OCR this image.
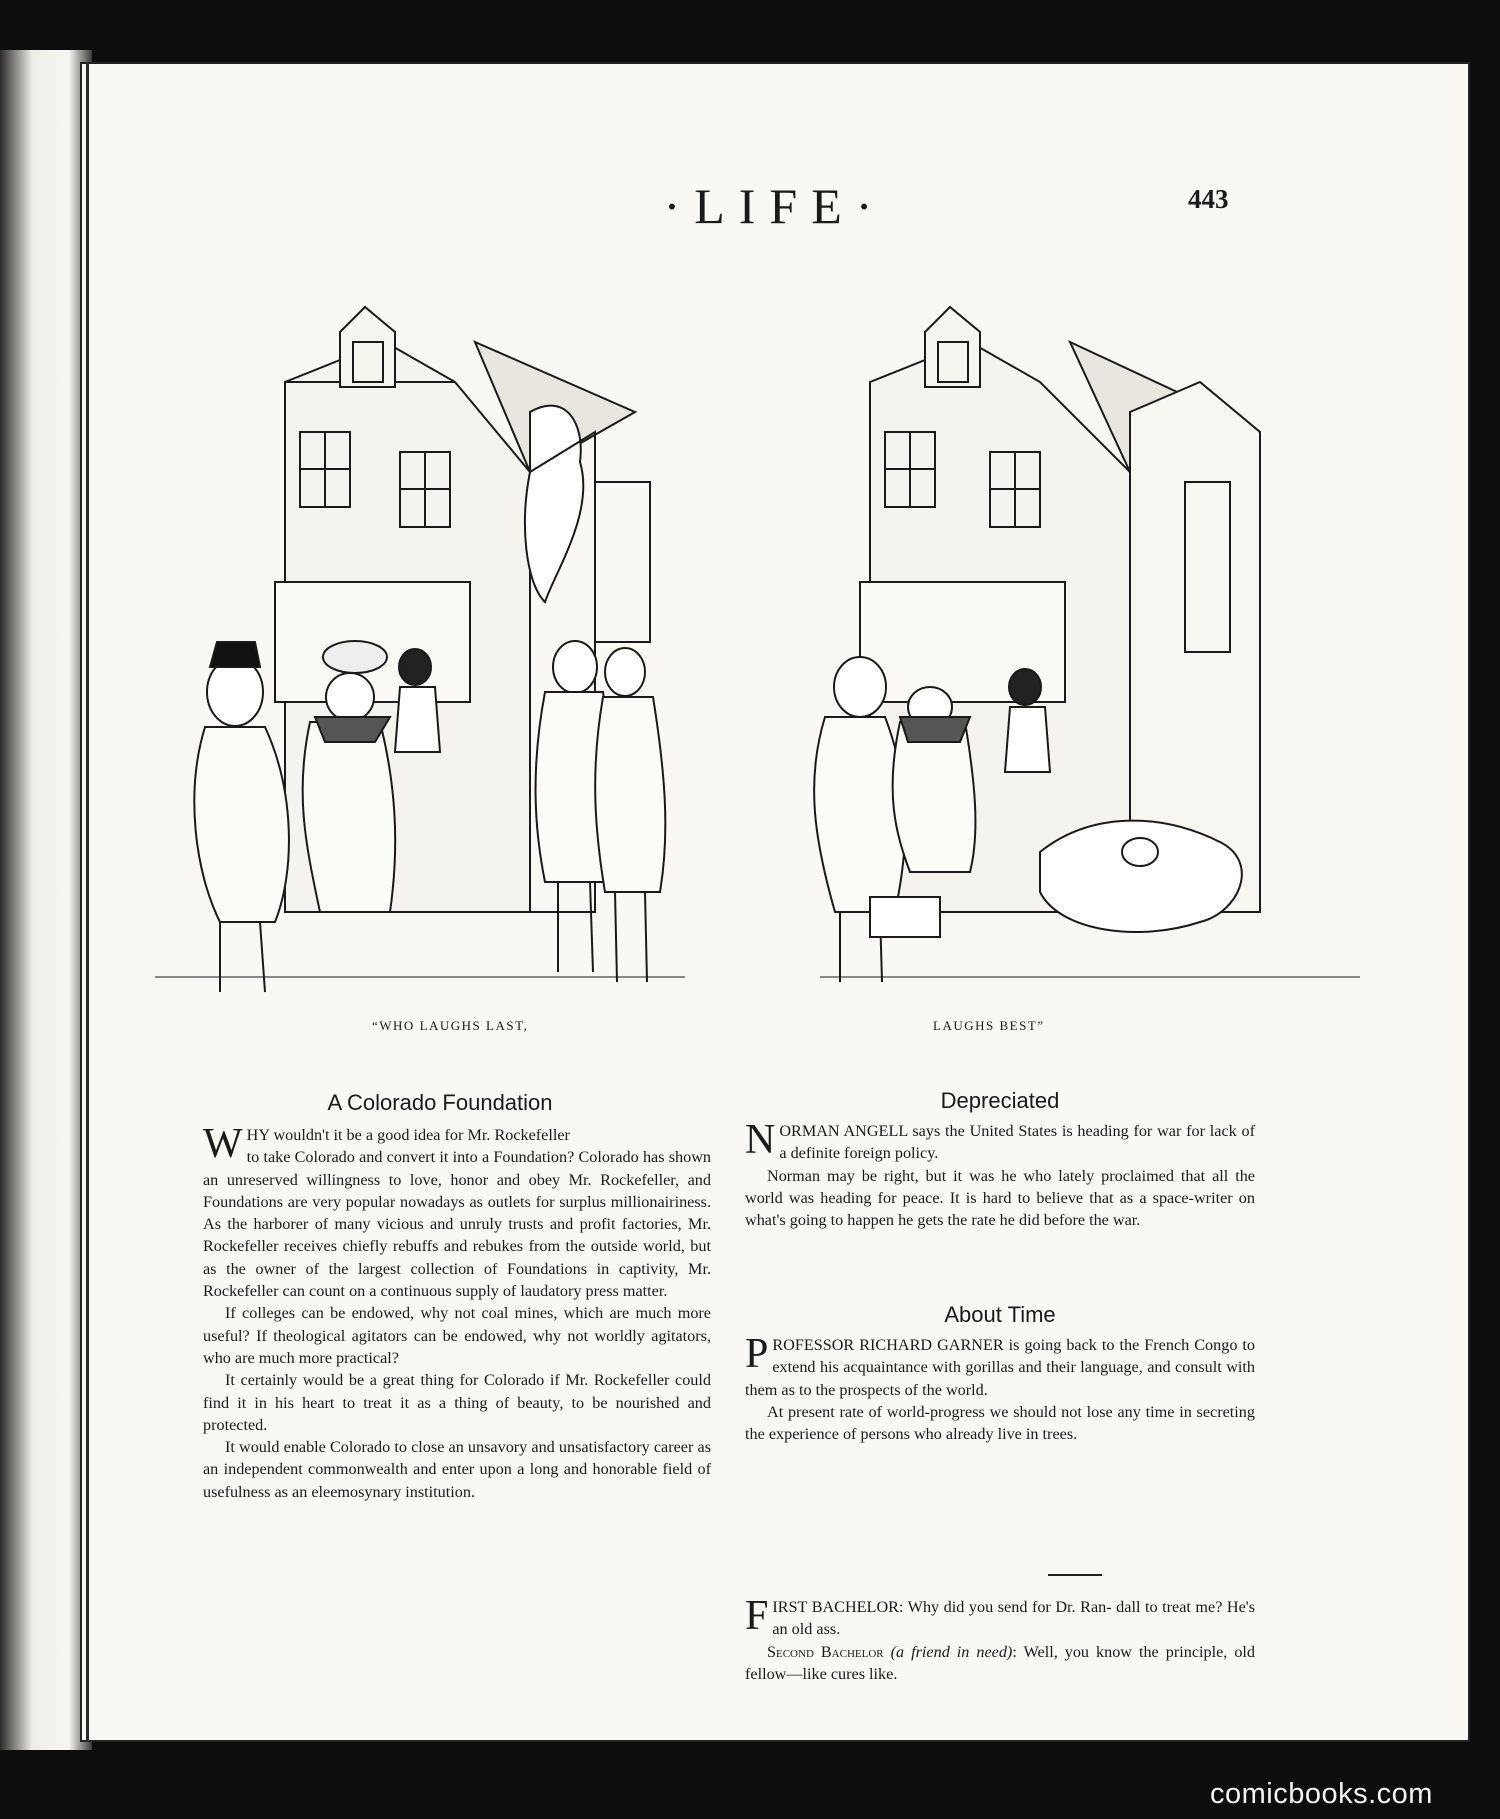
·LIFE·	443
“WHO LAUGHS LAST,	LAUGHS BEST”
A Colorado Foundation

WHY wouldn't it be a good idea for Mr. Rockefeller
to take Colorado and convert it into a Foundation? Colorado has shown an unreserved willingness to love, honor and obey Mr. Rockefeller, and Foundations are very popular nowadays as outlets for surplus millionairiness. As the harborer of many vicious and unruly trusts and profit factories, Mr. Rockefeller receives chiefly rebuffs and rebukes from the outside world, but as the owner of the largest collection of Foundations in captivity, Mr. Rockefeller can count on a continuous supply of laudatory press matter.

If colleges can be endowed, why not coal mines, which are much more useful? If theological agitators can be endowed, why not worldly agitators, who are much more practical?

It certainly would be a great thing for Colorado if Mr. Rockefeller could find it in his heart to treat it as a thing of beauty, to be nourished and protected.

It would enable Colorado to close an unsavory and unsatisfactory career as an independent commonwealth and enter upon a long and honorable field of usefulness as an eleemosynary institution.

Depreciated

NORMAN ANGELL says the United States is heading for war for lack of a definite foreign policy.

Norman may be right, but it was he who lately proclaimed that all the world was heading for peace. It is hard to believe that as a space-writer on what's going to happen he gets the rate he did before the war.

About Time

PROFESSOR RICHARD GARNER is going back to the French Congo to extend his acquaintance with gorillas and their language, and consult with them as to the prospects of the world.

At present rate of world-progress we should not lose any time in secreting the experience of persons who already live in trees.

FIRST BACHELOR: Why did you send for Dr. Ran- dall to treat me? He's an old ass.

Second Bachelor (a friend in need): Well, you know the principle, old fellow—like cures like.

comicbooks.com
